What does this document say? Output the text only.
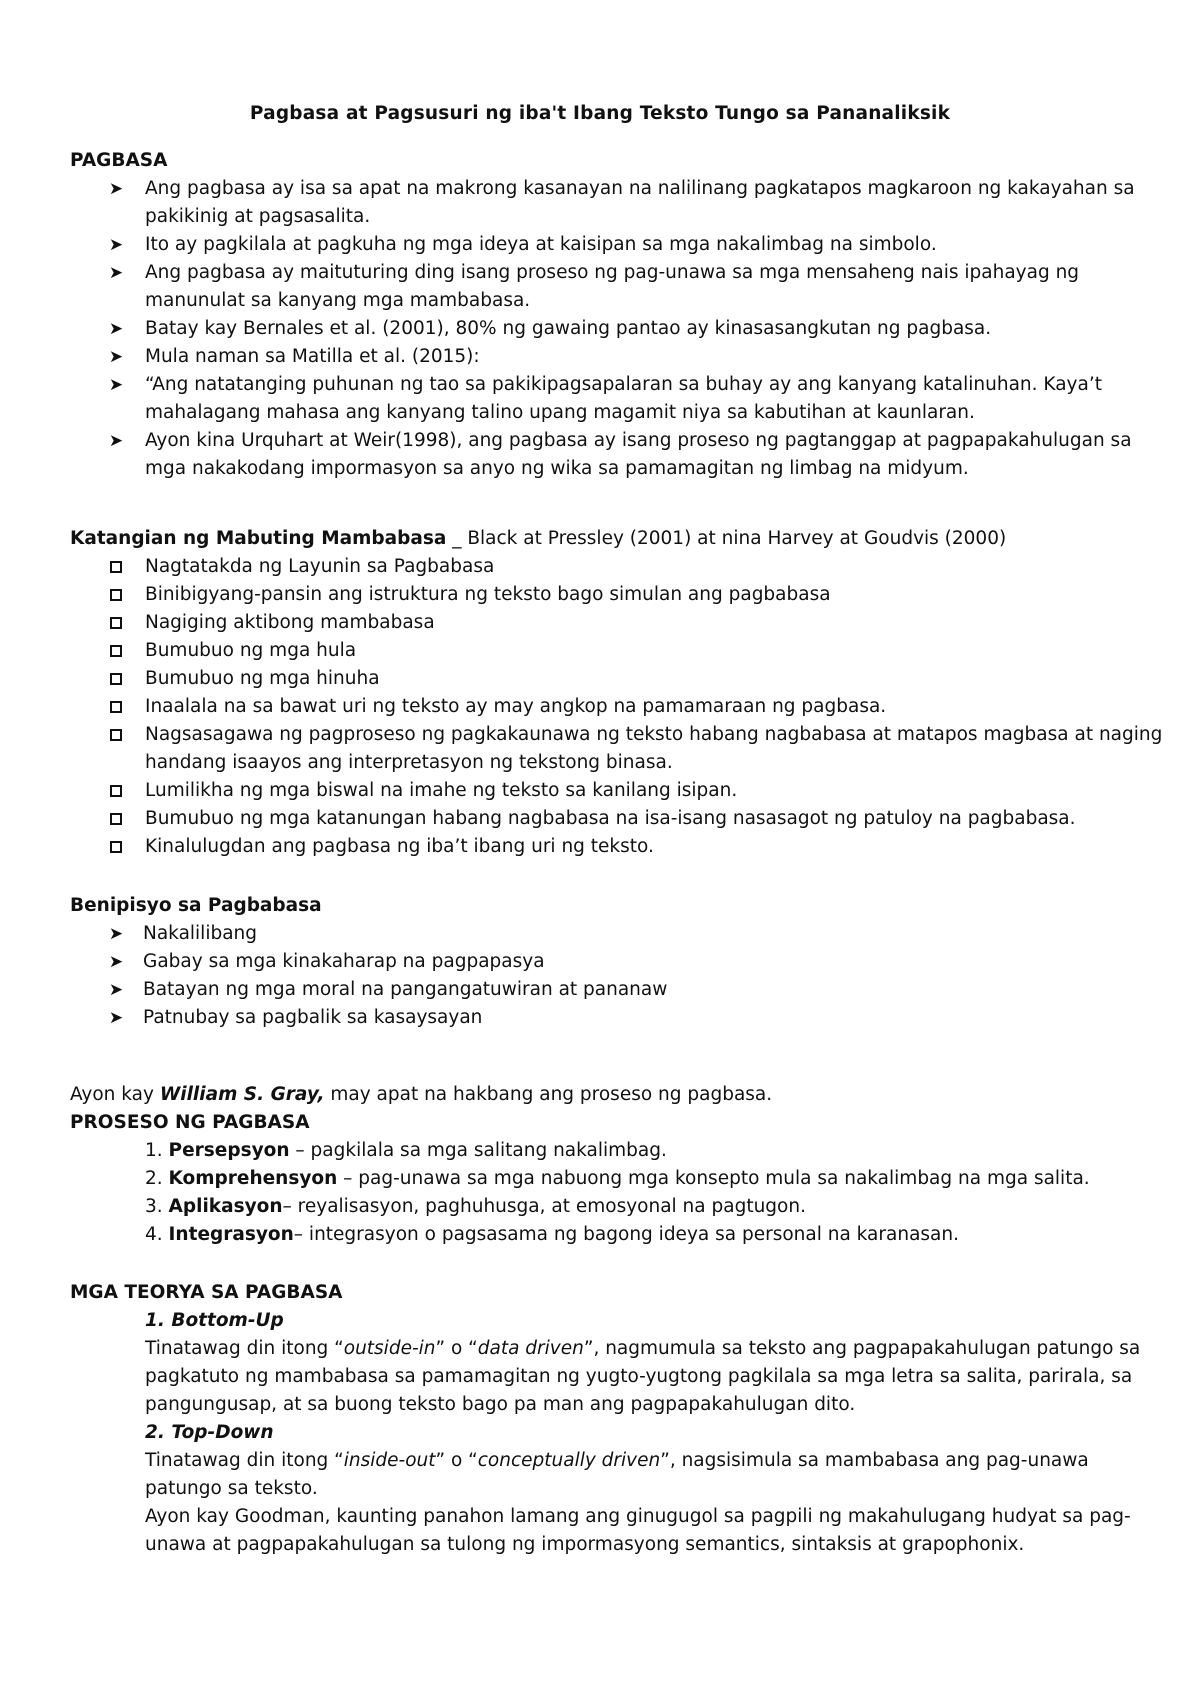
Pagbasa at Pagsusuri ng iba't Ibang Teksto Tungo sa Pananaliksik
PAGBASA
Katangian ng Mabuting Mambabasa _ Black at Pressley (2001) at nina Harvey at Goudvis (2000)
Benipisyo sa Pagbabasa
Ayon kay William S. Gray, may apat na hakbang ang proseso ng pagbasa.
PROSESO NG PAGBASA
MGA TEORYA SA PAGBASA
1. Bottom-Up
Tinatawag din itong “outside-in” o “data driven”, nagmumula sa teksto ang pagpapakahulugan patungo sa
pagkatuto ng mambabasa sa pamamagitan ng yugto-yugtong pagkilala sa mga letra sa salita, parirala, sa
pangungusap, at sa buong teksto bago pa man ang pagpapakahulugan dito.
2. Top-Down
Tinatawag din itong “inside-out” o “conceptually driven”, nagsisimula sa mambabasa ang pag-unawa
patungo sa teksto.
Ayon kay Goodman, kaunting panahon lamang ang ginugugol sa pagpili ng makahulugang hudyat sa pag-
unawa at pagpapakahulugan sa tulong ng impormasyong semantics, sintaksis at grapophonix.
➤ Ang pagbasa ay isa sa apat na makrong kasanayan na nalilinang pagkatapos magkaroon ng kakayahan sa
pakikinig at pagsasalita.
➤ Ito ay pagkilala at pagkuha ng mga ideya at kaisipan sa mga nakalimbag na simbolo.
➤ Ang pagbasa ay maituturing ding isang proseso ng pag-unawa sa mga mensaheng nais ipahayag ng
manunulat sa kanyang mga mambabasa.
➤ Batay kay Bernales et al. (2001), 80% ng gawaing pantao ay kinasasangkutan ng pagbasa.
➤ Mula naman sa Matilla et al. (2015):
➤ “Ang natatanging puhunan ng tao sa pakikipagsapalaran sa buhay ay ang kanyang katalinuhan. Kaya’t
mahalagang mahasa ang kanyang talino upang magamit niya sa kabutihan at kaunlaran.
➤ Ayon kina Urquhart at Weir(1998), ang pagbasa ay isang proseso ng pagtanggap at pagpapakahulugan sa
mga nakakodang impormasyon sa anyo ng wika sa pamamagitan ng limbag na midyum.
Nagtatakda ng Layunin sa Pagbabasa
Binibigyang-pansin ang istruktura ng teksto bago simulan ang pagbabasa
Nagiging aktibong mambabasa
Bumubuo ng mga hula
Bumubuo ng mga hinuha
Inaalala na sa bawat uri ng teksto ay may angkop na pamamaraan ng pagbasa.
Nagsasagawa ng pagproseso ng pagkakaunawa ng teksto habang nagbabasa at matapos magbasa at naging
handang isaayos ang interpretasyon ng tekstong binasa.
Lumilikha ng mga biswal na imahe ng teksto sa kanilang isipan.
Bumubuo ng mga katanungan habang nagbabasa na isa-isang nasasagot ng patuloy na pagbabasa.
Kinalulugdan ang pagbasa ng iba’t ibang uri ng teksto.
➤ Nakalilibang
➤ Gabay sa mga kinakaharap na pagpapasya
➤ Batayan ng mga moral na pangangatuwiran at pananaw
➤ Patnubay sa pagbalik sa kasaysayan
1. Persepsyon – pagkilala sa mga salitang nakalimbag.
2. Komprehensyon – pag-unawa sa mga nabuong mga konsepto mula sa nakalimbag na mga salita.
3. Aplikasyon– reyalisasyon, paghuhusga, at emosyonal na pagtugon.
4. Integrasyon– integrasyon o pagsasama ng bagong ideya sa personal na karanasan.
